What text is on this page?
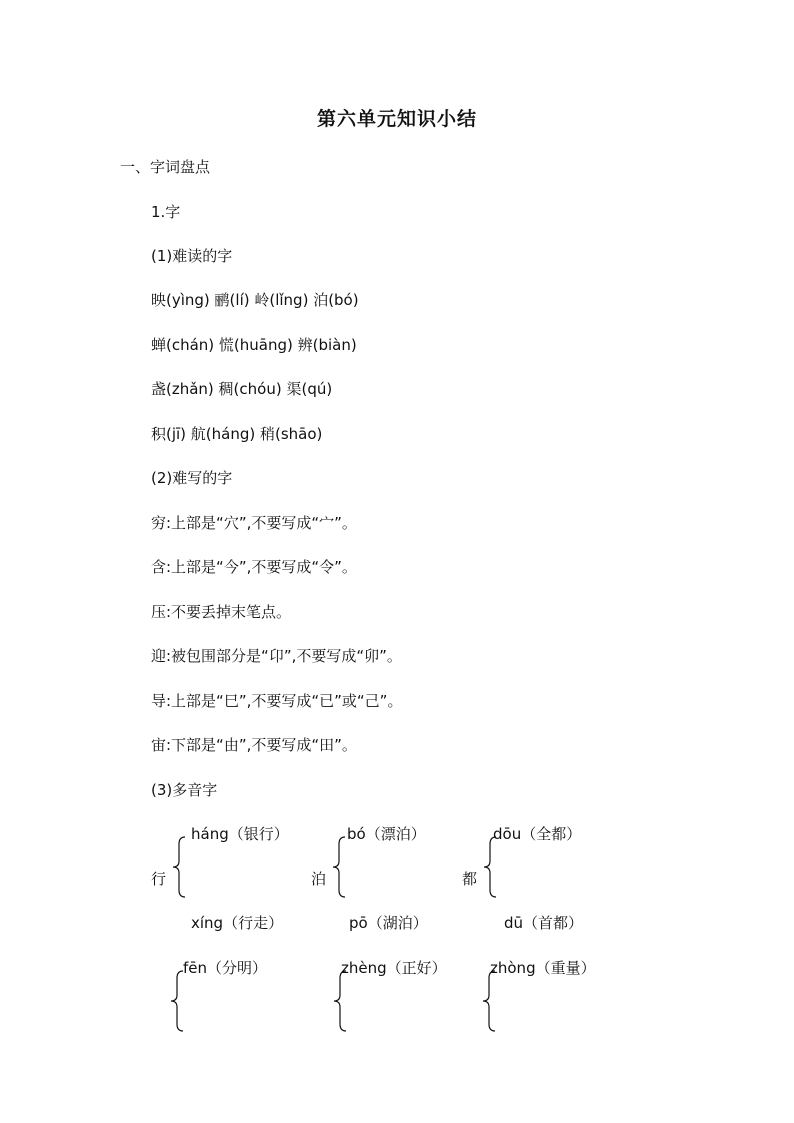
第六单元知识小结
一、字词盘点
1.字
(1)难读的字
映(yìng) 鹂(lí) 岭(lǐng) 泊(bó)
蝉(chán) 慌(huāng) 辨(biàn)
盏(zhǎn) 稠(chóu) 渠(qú)
积(jī) 航(háng) 稍(shāo)
(2)难写的字
穷:上部是“穴”,不要写成“宀”。
含:上部是“今”,不要写成“令”。
压:不要丢掉末笔点。
迎:被包围部分是“卬”,不要写成“卯”。
导:上部是“巳”,不要写成“已”或“己”。
宙:下部是“由”,不要写成“田”。
(3)多音字
háng（银行）
行
xíng（行走）
bó（漂泊）
泊
pō（湖泊）
dōu（全都）
都
dū（首都）
fēn（分明）	zhèng（正好）	zhòng（重量）
